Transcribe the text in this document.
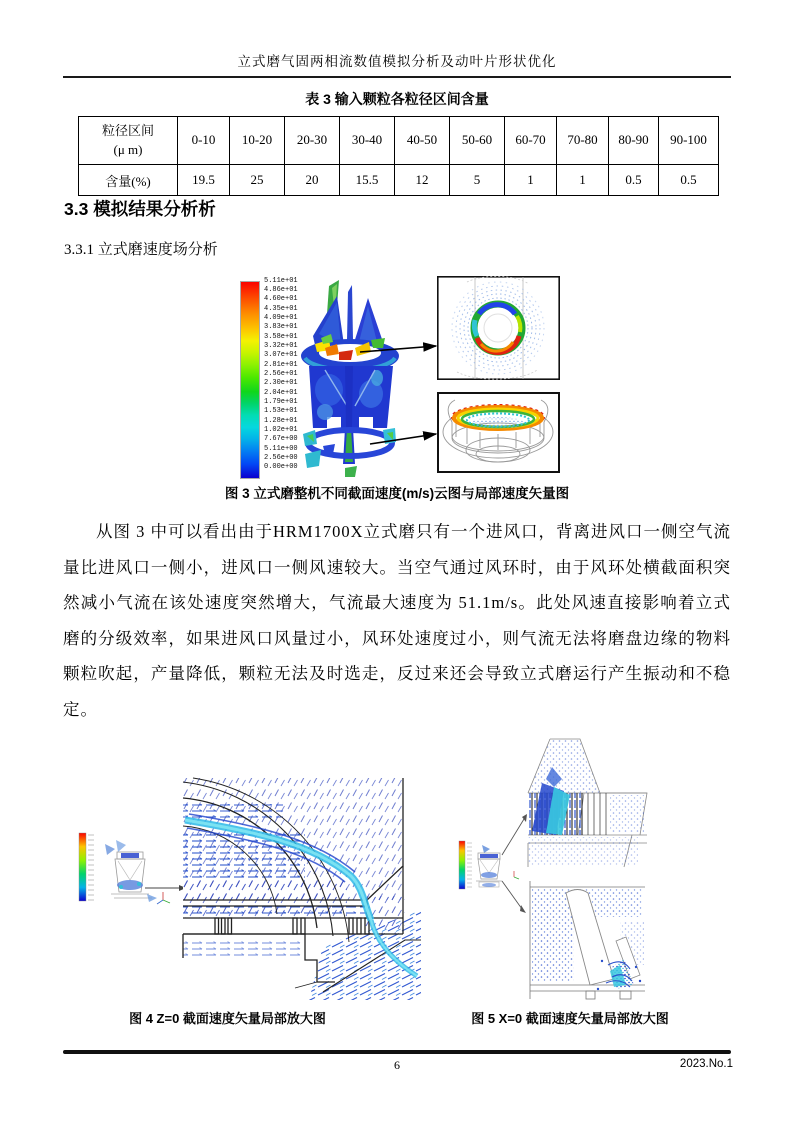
立式磨气固两相流数值模拟分析及动叶片形状优化
表 3 输入颗粒各粒径区间含量
粒径区间
(μ m)	0-10	10-20	20-30	30-40	40-50	50-60	60-70	70-80	80-90	90-100
含量(%)	19.5	25	20	15.5	12	5	1	1	0.5	0.5
3.3 模拟结果分析析
3.3.1 立式磨速度场分析
5.11e+01
4.86e+01
4.60e+01
4.35e+01
4.09e+01
3.83e+01
3.58e+01
3.32e+01
3.07e+01
2.81e+01
2.56e+01
2.30e+01
2.04e+01
1.79e+01
1.53e+01
1.28e+01
1.02e+01
7.67e+00
5.11e+00
2.56e+00
0.00e+00
图 3 立式磨整机不同截面速度(m/s)云图与局部速度矢量图
从图 3 中可以看出由于HRM1700X立式磨只有一个进风口，背离进风口一侧空气流量比进风口一侧小，进风口一侧风速较大。当空气通过风环时，由于风环处横截面积突然减小气流在该处速度突然增大，气流最大速度为 51.1m/s。此处风速直接影响着立式磨的分级效率，如果进风口风量过小，风环处速度过小，则气流无法将磨盘边缘的物料颗粒吹起，产量降低，颗粒无法及时选走，反过来还会导致立式磨运行产生振动和不稳定。
图 4 Z=0 截面速度矢量局部放大图	图 5 X=0 截面速度矢量局部放大图
6	2023.No.1
